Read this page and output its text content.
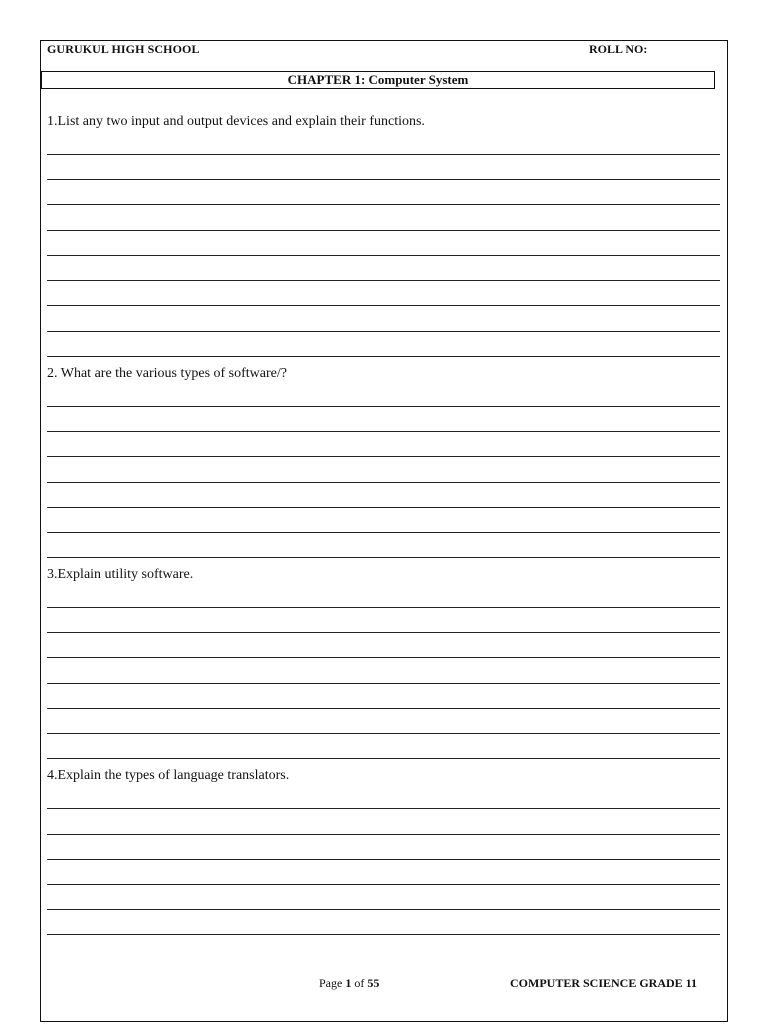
GURUKUL HIGH SCHOOL	ROLL NO:
CHAPTER 1: Computer System
1.List any two input and output devices and explain their functions.
2. What are the various types of software/?
3.Explain utility software.
4.Explain the types of language translators.
Page 1 of 55	COMPUTER SCIENCE GRADE 11
